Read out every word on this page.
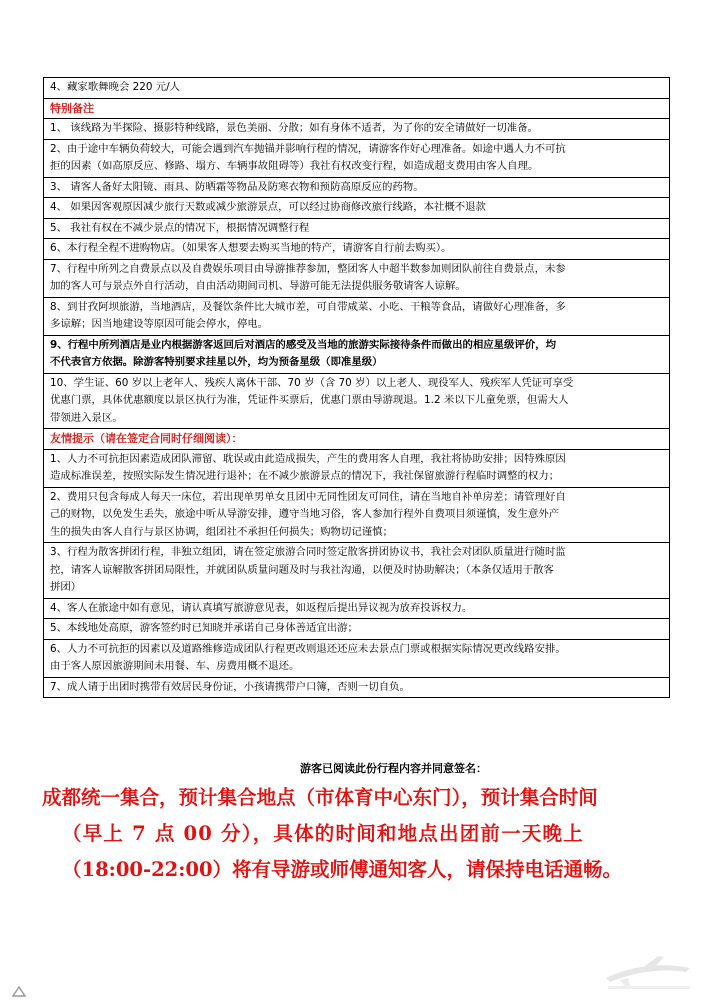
4、藏家歌舞晚会 220 元/人
特别备注
1、 该线路为半探险、摄影特种线路，景色美丽、分散；如有身体不适者，为了你的安全请做好一切准备。
2、由于途中车辆负荷较大，可能会遇到汽车抛锚并影响行程的情况，请游客作好心理准备。如途中遇人力不可抗
拒的因素（如高原反应、修路、塌方、车辆事故阻碍等）我社有权改变行程，如造成超支费用由客人自理。
3、 请客人备好太阳镜、雨具、防晒霜等物品及防寒衣物和预防高原反应的药物。
4、 如果因客观原因减少旅行天数或减少旅游景点，可以经过协商修改旅行线路，本社概不退款
5、 我社有权在不减少景点的情况下，根据情况调整行程
6、本行程全程不进购物店。（如果客人想要去购买当地的特产，请游客自行前去购买）。
7、行程中所列之自费景点以及自费娱乐项目由导游推荐参加，整团客人中超半数参加则团队前往自费景点，未参
加的客人可与景点外自行活动，自由活动期间司机、导游可能无法提供服务敬请客人谅解。
8、到甘孜阿坝旅游，当地酒店，及餐饮条件比大城市差，可自带咸菜、小吃、干粮等食品，请做好心理准备，多
多谅解；因当地建设等原因可能会停水，停电。
9、行程中所列酒店是业内根据游客返回后对酒店的感受及当地的旅游实际接待条件而做出的相应星级评价，均
不代表官方依据。除游客特别要求挂星以外，均为预备星级（即准星级）
10、学生证、60 岁以上老年人、残疾人离休干部、70 岁（含 70 岁）以上老人、现役军人、残疾军人凭证可享受
优惠门票，具体优惠额度以景区执行为准，凭证件买票后，优惠门票由导游现退。1.2 米以下儿童免票，但需大人
带领进入景区。
友情提示（请在签定合同时仔细阅读）：
1、人力不可抗拒因素造成团队滞留、耽误或由此造成损失，产生的费用客人自理，我社将协助安排；因特殊原因
造成标准误差，按照实际发生情况进行退补；在不减少旅游景点的情况下，我社保留旅游行程临时调整的权力；
2、费用只包含每成人每天一床位，若出现单男单女且团中无同性团友可同住，请在当地自补单房差；请管理好自
己的财物，以免发生丢失，旅途中听从导游安排，遵守当地习俗，客人参加行程外自费项目须谨慎，发生意外产
生的损失由客人自行与景区协调，组团社不承担任何损失；购物切记谨慎；
3、行程为散客拼团行程，非独立组团，请在签定旅游合同时签定散客拼团协议书，我社会对团队质量进行随时监
控，请客人谅解散客拼团局限性，并就团队质量问题及时与我社沟通，以便及时协助解决；（本条仅适用于散客
拼团）
4、客人在旅途中如有意见，请认真填写旅游意见表，如返程后提出异议视为放弃投诉权力。
5、本线地处高原，游客签约时已知晓并承诺自己身体善适宜出游；
6、人力不可抗拒的因素以及道路维修造成团队行程更改则退还还应未去景点门票或根据实际情况更改线路安排。
由于客人原因旅游期间未用餐、车、房费用概不退还。
7、成人请于出团时携带有效居民身份证，小孩请携带户口簿，否则一切自负。
游客已阅读此份行程内容并同意签名：
成都统一集合，预计集合地点（市体育中心东门），预计集合时间
（早上 7 点 00 分），具体的时间和地点出团前一天晚上
（18:00-22:00）将有导游或师傅通知客人，请保持电话通畅。
